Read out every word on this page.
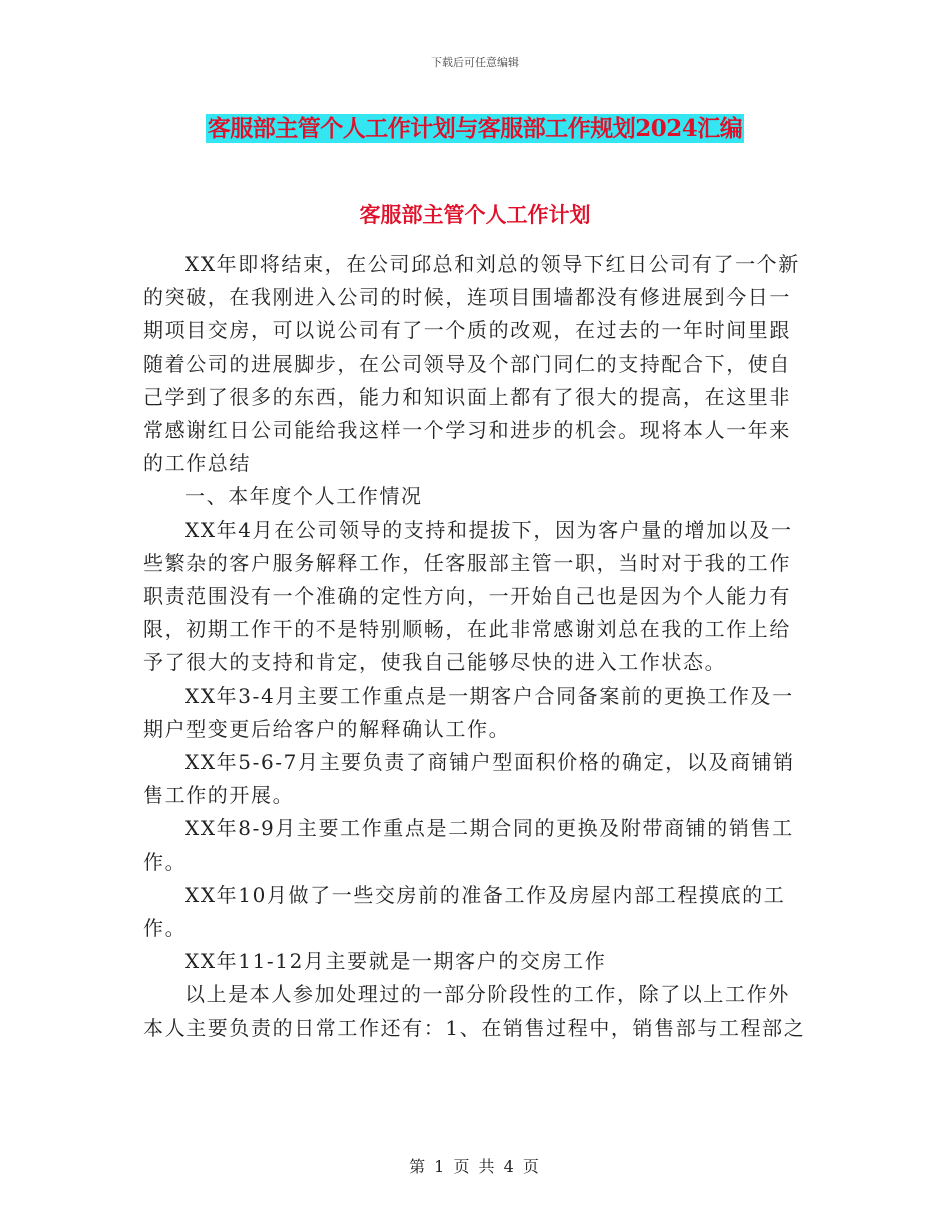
下载后可任意编辑
客服部主管个人工作计划与客服部工作规划2024汇编
客服部主管个人工作计划

XX年即将结束，在公司邱总和刘总的领导下红日公司有了一个新的突破，在我刚进入公司的时候，连项目围墙都没有修进展到今日一期项目交房，可以说公司有了一个质的改观，在过去的一年时间里跟随着公司的进展脚步，在公司领导及个部门同仁的支持配合下，使自己学到了很多的东西，能力和知识面上都有了很大的提高，在这里非常感谢红日公司能给我这样一个学习和进步的机会。现将本人一年来的工作总结

一、本年度个人工作情况

XX年4月在公司领导的支持和提拔下，因为客户量的增加以及一些繁杂的客户服务解释工作，任客服部主管一职，当时对于我的工作职责范围没有一个准确的定性方向，一开始自己也是因为个人能力有限，初期工作干的不是特别顺畅，在此非常感谢刘总在我的工作上给予了很大的支持和肯定，使我自己能够尽快的进入工作状态。

XX年3-4月主要工作重点是一期客户合同备案前的更换工作及一期户型变更后给客户的解释确认工作。

XX年5-6-7月主要负责了商铺户型面积价格的确定，以及商铺销售工作的开展。

XX年8-9月主要工作重点是二期合同的更换及附带商铺的销售工作。

XX年10月做了一些交房前的准备工作及房屋内部工程摸底的工作。

XX年11-12月主要就是一期客户的交房工作

以上是本人参加处理过的一部分阶段性的工作，除了以上工作外本人主要负责的日常工作还有：1、在销售过程中，销售部与工程部之

第 1 页 共 4 页
